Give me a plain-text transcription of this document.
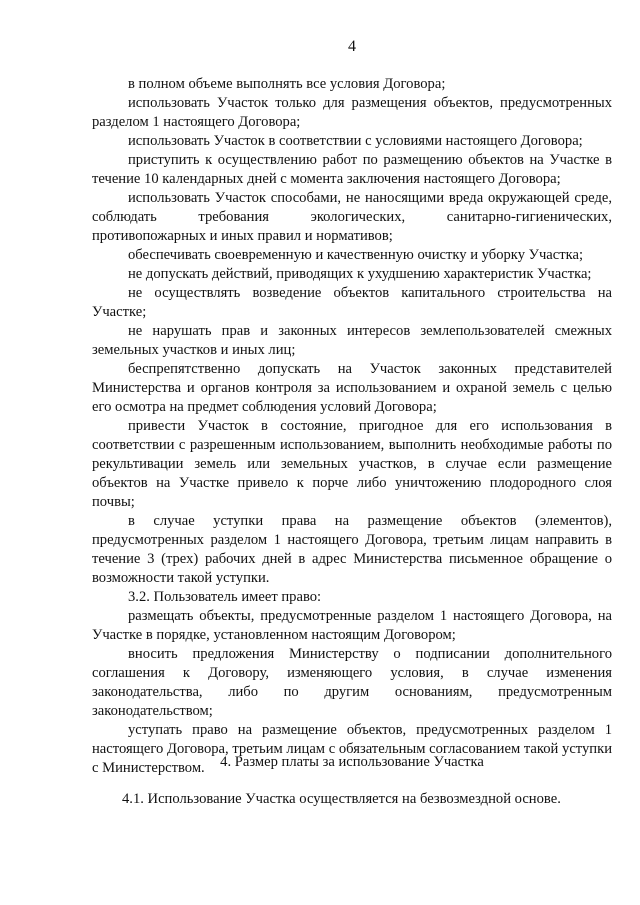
4

в полном объеме выполнять все условия Договора;

использовать Участок только для размещения объектов, предусмотренных разделом 1 настоящего Договора;

использовать Участок в соответствии с условиями настоящего Договора;

приступить к осуществлению работ по размещению объектов на Участке в течение 10 календарных дней с момента заключения настоящего Договора;

использовать Участок способами, не наносящими вреда окружающей среде, соблюдать требования экологических, санитарно-гигиенических, противопожарных и иных правил и нормативов;

обеспечивать своевременную и качественную очистку и уборку Участка;

не допускать действий, приводящих к ухудшению характеристик Участка;

не осуществлять возведение объектов капитального строительства на Участке;

не нарушать прав и законных интересов землепользователей смежных земельных участков и иных лиц;

беспрепятственно допускать на Участок законных представителей Министерства и органов контроля за использованием и охраной земель с целью его осмотра на предмет соблюдения условий Договора;

привести Участок в состояние, пригодное для его использования в соответствии с разрешенным использованием, выполнить необходимые работы по рекультивации земель или земельных участков, в случае если размещение объектов на Участке привело к порче либо уничтожению плодородного слоя почвы;

в случае уступки права на размещение объектов (элементов), предусмотренных разделом 1 настоящего Договора, третьим лицам направить в течение 3 (трех) рабочих дней в адрес Министерства письменное обращение о возможности такой уступки.

3.2. Пользователь имеет право:

размещать объекты, предусмотренные разделом 1 настоящего Договора, на Участке в порядке, установленном настоящим Договором;

вносить предложения Министерству о подписании дополнительного соглашения к Договору, изменяющего условия, в случае изменения законодательства, либо по другим основаниям, предусмотренным законодательством;

уступать право на размещение объектов, предусмотренных разделом 1 настоящего Договора, третьим лицам с обязательным согласованием такой уступки с Министерством.	4. Размер платы за использование Участка

4.1. Использование Участка осуществляется на безвозмездной основе.
